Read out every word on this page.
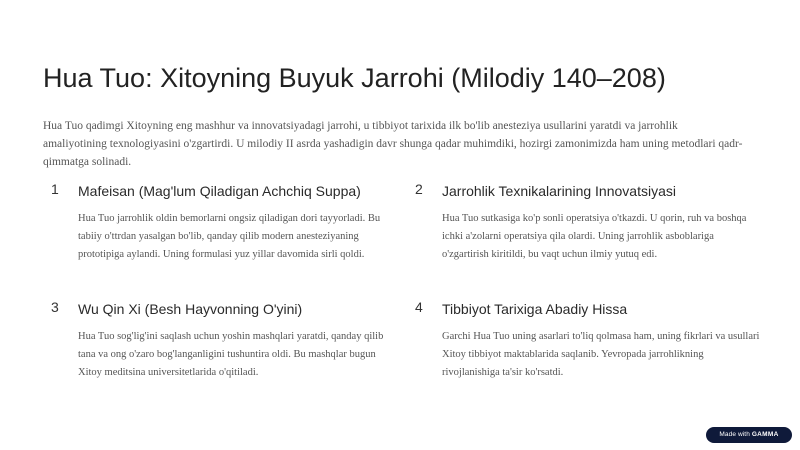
Hua Tuo: Xitoyning Buyuk Jarrohi (Milodiy 140–208)

Hua Tuo qadimgi Xitoyning eng mashhur va innovatsiyadagi jarrohi, u tibbiyot tarixida ilk bo'lib anesteziya usullarini yaratdi va jarrohlik amaliyotining texnologiyasini o'zgartirdi. U milodiy II asrda yashadigin davr shunga qadar muhimdiki, hozirgi zamonimizda ham uning metodlari qadr-qimmatga solinadi.

1 Mafeisan (Mag'lum Qiladigan Achchiq Suppa)

Hua Tuo jarrohlik oldin bemorlarni ongsiz qiladigan dori tayyorladi. Bu tabiiy o'ttrdan yasalgan bo'lib, qanday qilib modern anesteziyaning prototipiga aylandi. Uning formulasi yuz yillar davomida sirli qoldi.

2 Jarrohlik Texnikalarining Innovatsiyasi

Hua Tuo sutkasiga ko'p sonli operatsiya o'tkazdi. U qorin, ruh va boshqa ichki a'zolarni operatsiya qila olardi. Uning jarrohlik asboblariga o'zgartirish kiritildi, bu vaqt uchun ilmiy yutuq edi.

3 Wu Qin Xi (Besh Hayvonning O'yini)

Hua Tuo sog'lig'ini saqlash uchun yoshin mashqlari yaratdi, qanday qilib tana va ong o'zaro bog'langanligini tushuntira oldi. Bu mashqlar bugun Xitoy meditsina universitetlarida o'qitiladi.

4 Tibbiyot Tarixiga Abadiy Hissa

Garchi Hua Tuo uning asarlari to'liq qolmasa ham, uning fikrlari va usullari Xitoy tibbiyot maktablarida saqlanib. Yevropada jarrohlikning rivojlanishiga ta'sir ko'rsatdi.

Made with GAMMA
